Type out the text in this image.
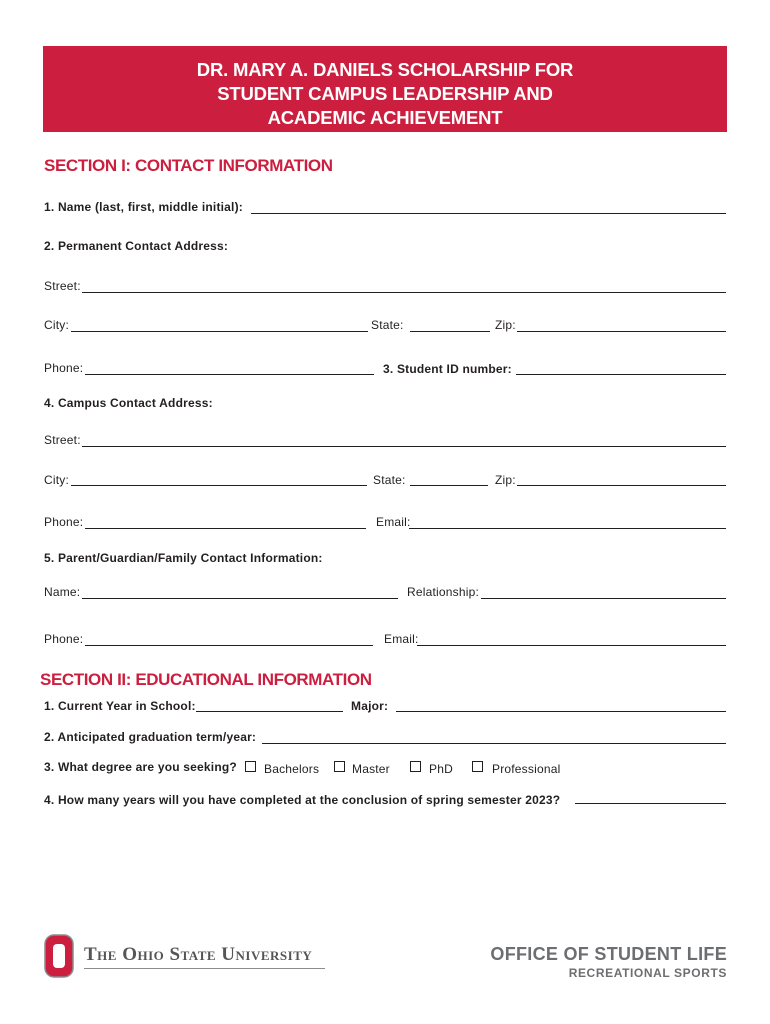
DR. MARY A. DANIELS SCHOLARSHIP FOR
STUDENT CAMPUS LEADERSHIP AND
ACADEMIC ACHIEVEMENT
SECTION I: CONTACT INFORMATION
1. Name (last, first, middle initial):
2. Permanent Contact Address:
Street:
City:	State:	Zip:
Phone:	3. Student ID number:
4. Campus Contact Address:
Street:
City:	State:	Zip:
Phone:	Email:
5. Parent/Guardian/Family Contact Information:
Name:	Relationship:
Phone:	Email:
SECTION II: EDUCATIONAL INFORMATION
1. Current Year in School:	Major:
2. Anticipated graduation term/year:
3. What degree are you seeking? Bachelors	Master	PhD	Professional
4. How many years will you have completed at the conclusion of spring semester 2023?
The Ohio State University	OFFICE OF STUDENT LIFE
RECREATIONAL SPORTS
